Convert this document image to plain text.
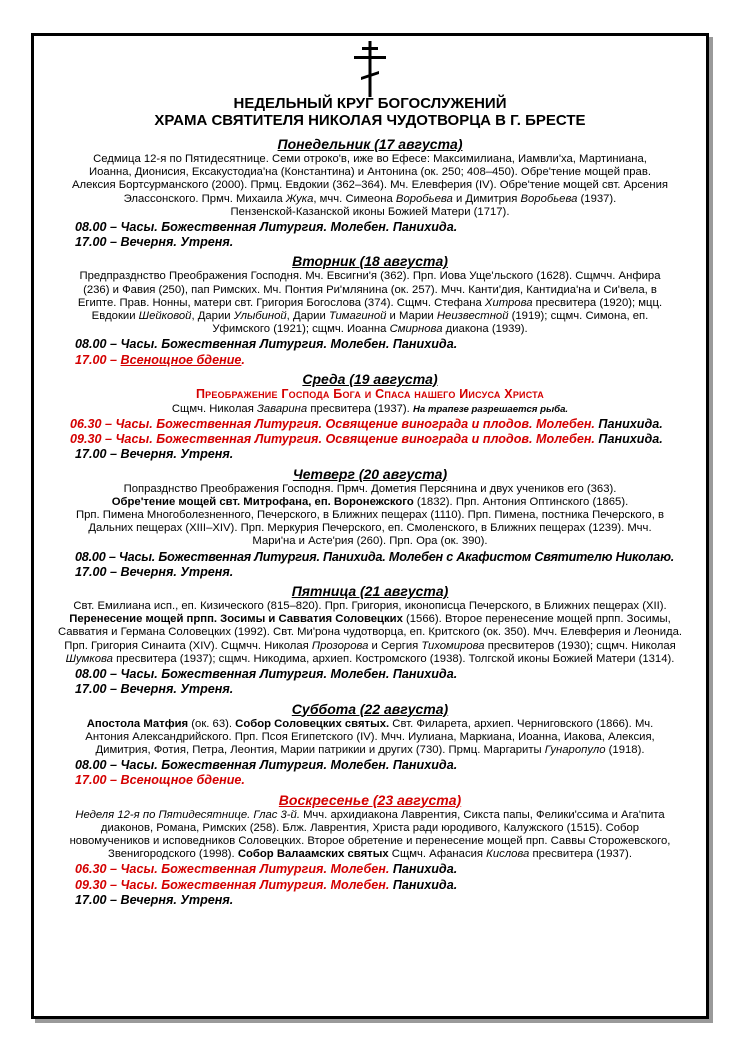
НЕДЕЛЬНЫЙ КРУГ БОГОСЛУЖЕНИЙ
ХРАМА СВЯТИТЕЛЯ НИКОЛАЯ ЧУДОТВОРЦА В Г. БРЕСТЕ
Понедельник (17 августа)
Седмица 12-я по Пятидесятнице. Семи отроко'в, иже во Ефесе: Максимилиана, Иамвли'ха, Мартиниана,
Иоанна, Дионисия, Ексакустодиа'на (Константина) и Антонина (ок. 250; 408–450). Обре'тение мощей прав.
Алексия Бортсурманского (2000). Прмц. Евдокии (362–364). Мч. Елевферия (IV). Обре'тение мощей свт. Арсения
Элассонского. Прмч. Михаила Жука, мчч. Симеона Воробьева и Димитрия Воробьева (1937).
Пензенской-Казанской иконы Божией Матери (1717).
08.00 – Часы. Божественная Литургия. Молебен. Панихида.
17.00 – Вечерня. Утреня.
Вторник (18 августа)
Предпразднство Преображения Господня. Мч. Евсигни'я (362). Прп. Иова Уще'льского (1628). Сщмчч. Анфира
(236) и Фавия (250), пап Римских. Мч. Понтия Ри'млянина (ок. 257). Мчч. Канти'дия, Кантидиа'на и Си'вела, в
Египте. Прав. Нонны, матери свт. Григория Богослова (374). Сщмч. Стефана Хитрова пресвитера (1920); мцц.
Евдокии Шейковой, Дарии Улыбиной, Дарии Тимагиной и Марии Неизвестной (1919); сщмч. Симона, еп.
Уфимского (1921); сщмч. Иоанна Смирнова диакона (1939).
08.00 – Часы. Божественная Литургия. Молебен. Панихида.
17.00 – Всенощное бдение.
Среда (19 августа)
Преображение Господа Бога и Спаса нашего Иисуса Христа
Сщмч. Николая Заварина пресвитера (1937). На трапезе разрешается рыба.
06.30 – Часы. Божественная Литургия. Освящение винограда и плодов. Молебен. Панихида.
09.30 – Часы. Божественная Литургия. Освящение винограда и плодов. Молебен. Панихида.
17.00 – Вечерня. Утреня.
Четверг (20 августа)
Попразднство Преображения Господня. Прмч. Дометия Персянина и двух учеников его (363).
Обре'тение мощей свт. Митрофана, еп. Воронежского (1832). Прп. Антония Оптинского (1865).
Прп. Пимена Многоболезненного, Печерского, в Ближних пещерах (1110). Прп. Пимена, постника Печерского, в
Дальних пещерах (XIII–XIV). Прп. Меркурия Печерского, еп. Смоленского, в Ближних пещерах (1239). Мчч.
Мари'на и Асте'рия (260). Прп. Ора (ок. 390).
08.00 – Часы. Божественная Литургия. Панихида. Молебен с Акафистом Святителю Николаю.
17.00 – Вечерня. Утреня.
Пятница (21 августа)
Свт. Емилиана исп., еп. Кизического (815–820). Прп. Григория, иконописца Печерского, в Ближних пещерах (XII).
Перенесение мощей прпп. Зосимы и Савватия Соловецких (1566). Второе перенесение мощей прпп. Зосимы,
Савватия и Германа Соловецких (1992). Свт. Ми'рона чудотворца, еп. Критского (ок. 350). Мчч. Елевферия и Леонида.
Прп. Григория Синаита (XIV). Сщмчч. Николая Прозорова и Сергия Тихомирова пресвитеров (1930); сщмч. Николая
Шумкова пресвитера (1937); сщмч. Никодима, архиеп. Костромского (1938). Толгской иконы Божией Матери (1314).
08.00 – Часы. Божественная Литургия. Молебен. Панихида.
17.00 – Вечерня. Утреня.
Суббота (22 августа)
Апостола Матфия (ок. 63). Собор Соловецких святых. Свт. Филарета, архиеп. Черниговского (1866). Мч.
Антония Александрийского. Прп. Псоя Египетского (IV). Мчч. Иулиана, Маркиана, Иоанна, Иакова, Алексия,
Димитрия, Фотия, Петра, Леонтия, Марии патрикии и других (730). Прмц. Маргариты Гунаропуло (1918).
08.00 – Часы. Божественная Литургия. Молебен. Панихида.
17.00 – Всенощное бдение.
Воскресенье (23 августа)
Неделя 12-я по Пятидесятнице. Глас 3-й. Мчч. архидиакона Лаврентия, Сикста папы, Фелики'ссима и Ага'пита
диаконов, Романа, Римских (258). Блж. Лаврентия, Христа ради юродивого, Калужского (1515). Собор
новомучеников и исповедников Соловецких. Второе обретение и перенесение мощей прп. Саввы Сторожевского,
Звенигородского (1998). Собор Валаамских святых Сщмч. Афанасия Кислова пресвитера (1937).
06.30 – Часы. Божественная Литургия. Молебен. Панихида.
09.30 – Часы. Божественная Литургия. Молебен. Панихида.
17.00 – Вечерня. Утреня.
